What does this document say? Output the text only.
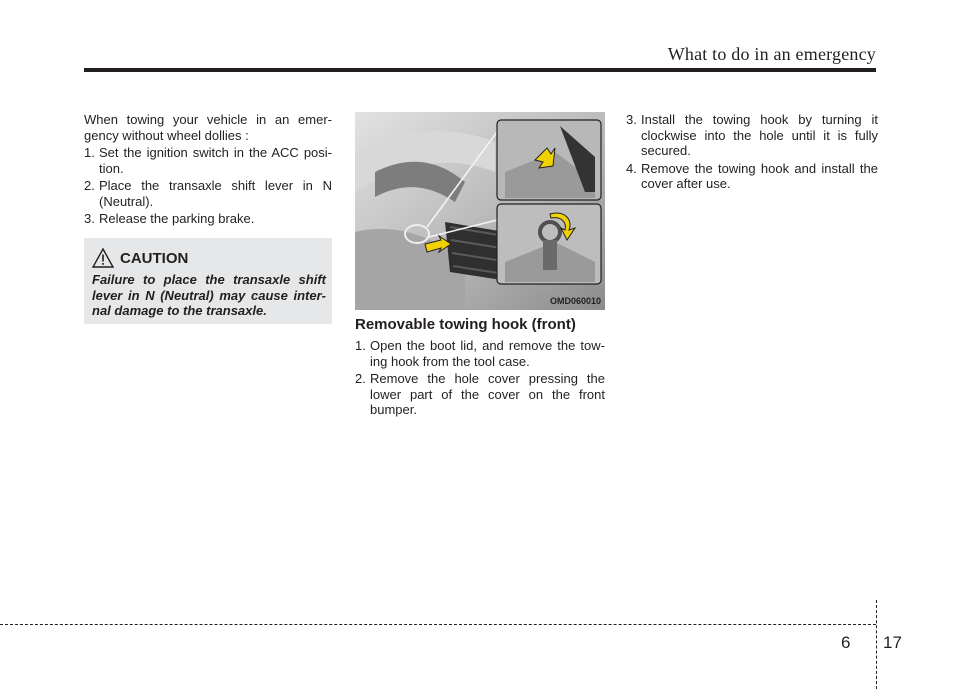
What to do in an emergency

When towing your vehicle in an emer-gency without wheel dollies :

1. Set the ignition switch in the ACC posi-tion.
2. Place the transaxle shift lever in N (Neutral).
3. Release the parking brake.
CAUTION
Failure to place the transaxle shift lever in N (Neutral) may cause inter-nal damage to the transaxle.
OMD060010
Removable towing hook (front)
1. Open the boot lid, and remove the tow-ing hook from the tool case.
2. Remove the hole cover pressing the lower part of the cover on the front bumper.
3. Install the towing hook by turning it clockwise into the hole until it is fully secured.
4. Remove the towing hook and install the cover after use.
6 17
